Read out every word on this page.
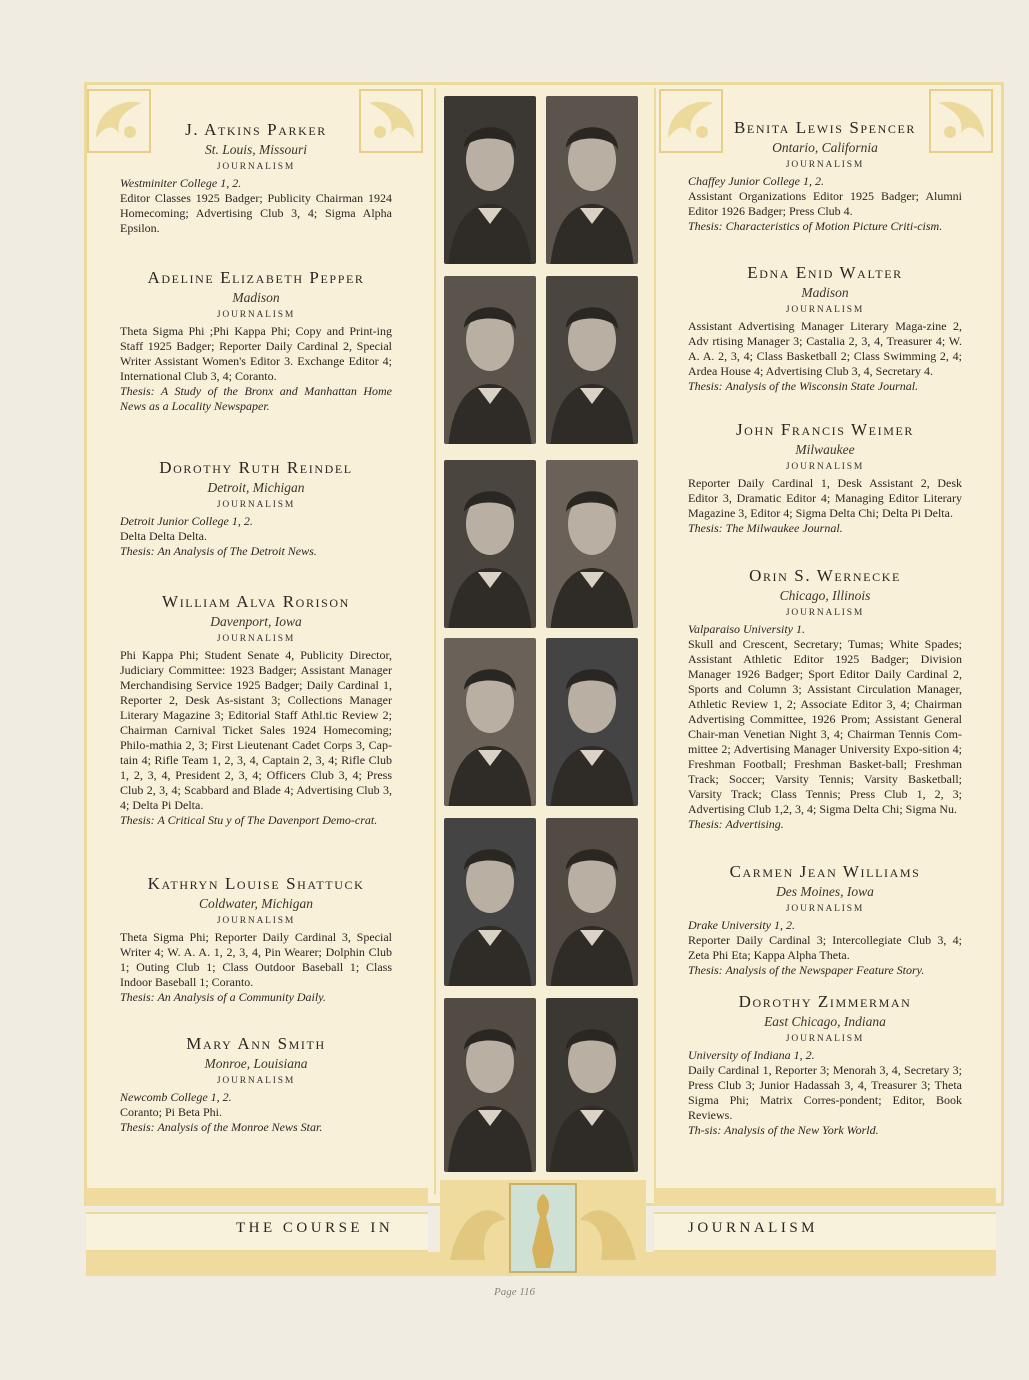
J. Atkins Parker

St. Louis, Missouri

JOURNALISM

Westminiter College 1, 2.

Editor Classes 1925 Badger; Publicity Chairman 1924 Homecoming; Advertising Club 3, 4; Sigma Alpha Epsilon.

Adeline Elizabeth Pepper

Madison

JOURNALISM

Theta Sigma Phi ;Phi Kappa Phi; Copy and Print-ing Staff 1925 Badger; Reporter Daily Cardinal 2, Special Writer Assistant Women's Editor 3. Exchange Editor 4; International Club 3, 4; Coranto.

Thesis: A Study of the Bronx and Manhattan Home News as a Locality Newspaper.

Dorothy Ruth Reindel

Detroit, Michigan

JOURNALISM

Detroit Junior College 1, 2.

Delta Delta Delta.

Thesis: An Analysis of The Detroit News.

William Alva Rorison

Davenport, Iowa

JOURNALISM

Phi Kappa Phi; Student Senate 4, Publicity Director, Judiciary Committee: 1923 Badger; Assistant Manager Merchandising Service 1925 Badger; Daily Cardinal 1, Reporter 2, Desk As-sistant 3; Collections Manager Literary Magazine 3; Editorial Staff Athl.tic Review 2; Chairman Carnival Ticket Sales 1924 Homecoming; Philo-mathia 2, 3; First Lieutenant Cadet Corps 3, Cap-tain 4; Rifle Team 1, 2, 3, 4, Captain 2, 3, 4; Rifle Club 1, 2, 3, 4, President 2, 3, 4; Officers Club 3, 4; Press Club 2, 3, 4; Scabbard and Blade 4; Advertising Club 3, 4; Delta Pi Delta.

Thesis: A Critical Stu y of The Davenport Demo-crat.

Kathryn Louise Shattuck

Coldwater, Michigan

JOURNALISM

Theta Sigma Phi; Reporter Daily Cardinal 3, Special Writer 4; W. A. A. 1, 2, 3, 4, Pin Wearer; Dolphin Club 1; Outing Club 1; Class Outdoor Baseball 1; Class Indoor Baseball 1; Coranto.

Thesis: An Analysis of a Community Daily.

Mary Ann Smith

Monroe, Louisiana

JOURNALISM

Newcomb College 1, 2.

Coranto; Pi Beta Phi.

Thesis: Analysis of the Monroe News Star.

Benita Lewis Spencer

Ontario, California

JOURNALISM

Chaffey Junior College 1, 2.

Assistant Organizations Editor 1925 Badger; Alumni Editor 1926 Badger; Press Club 4.

Thesis: Characteristics of Motion Picture Criti-cism.

Edna Enid Walter

Madison

JOURNALISM

Assistant Advertising Manager Literary Maga-zine 2, Adv rtising Manager 3; Castalia 2, 3, 4, Treasurer 4; W. A. A. 2, 3, 4; Class Basketball 2; Class Swimming 2, 4; Ardea House 4; Advertising Club 3, 4, Secretary 4.

Thesis: Analysis of the Wisconsin State Journal.

John Francis Weimer

Milwaukee

JOURNALISM

Reporter Daily Cardinal 1, Desk Assistant 2, Desk Editor 3, Dramatic Editor 4; Managing Editor Literary Magazine 3, Editor 4; Sigma Delta Chi; Delta Pi Delta.

Thesis: The Milwaukee Journal.

Orin S. Wernecke

Chicago, Illinois

JOURNALISM

Valparaiso University 1.

Skull and Crescent, Secretary; Tumas; White Spades; Assistant Athletic Editor 1925 Badger; Division Manager 1926 Badger; Sport Editor Daily Cardinal 2, Sports and Column 3; Assistant Circulation Manager, Athletic Review 1, 2; Associate Editor 3, 4; Chairman Advertising Committee, 1926 Prom; Assistant General Chair-man Venetian Night 3, 4; Chairman Tennis Com-mittee 2; Advertising Manager University Expo-sition 4; Freshman Football; Freshman Basket-ball; Freshman Track; Soccer; Varsity Tennis; Varsity Basketball; Varsity Track; Class Tennis; Press Club 1, 2, 3; Advertising Club 1,2, 3, 4; Sigma Delta Chi; Sigma Nu.

Thesis: Advertising.

Carmen Jean Williams

Des Moines, Iowa

JOURNALISM

Drake University 1, 2.

Reporter Daily Cardinal 3; Intercollegiate Club 3, 4; Zeta Phi Eta; Kappa Alpha Theta.

Thesis: Analysis of the Newspaper Feature Story.

Dorothy Zimmerman

East Chicago, Indiana

JOURNALISM

University of Indiana 1, 2.

Daily Cardinal 1, Reporter 3; Menorah 3, 4, Secretary 3; Press Club 3; Junior Hadassah 3, 4, Treasurer 3; Theta Sigma Phi; Matrix Corres-pondent; Editor, Book Reviews.

Th-sis: Analysis of the New York World.

THE COURSE IN	JOURNALISM
Page 116
